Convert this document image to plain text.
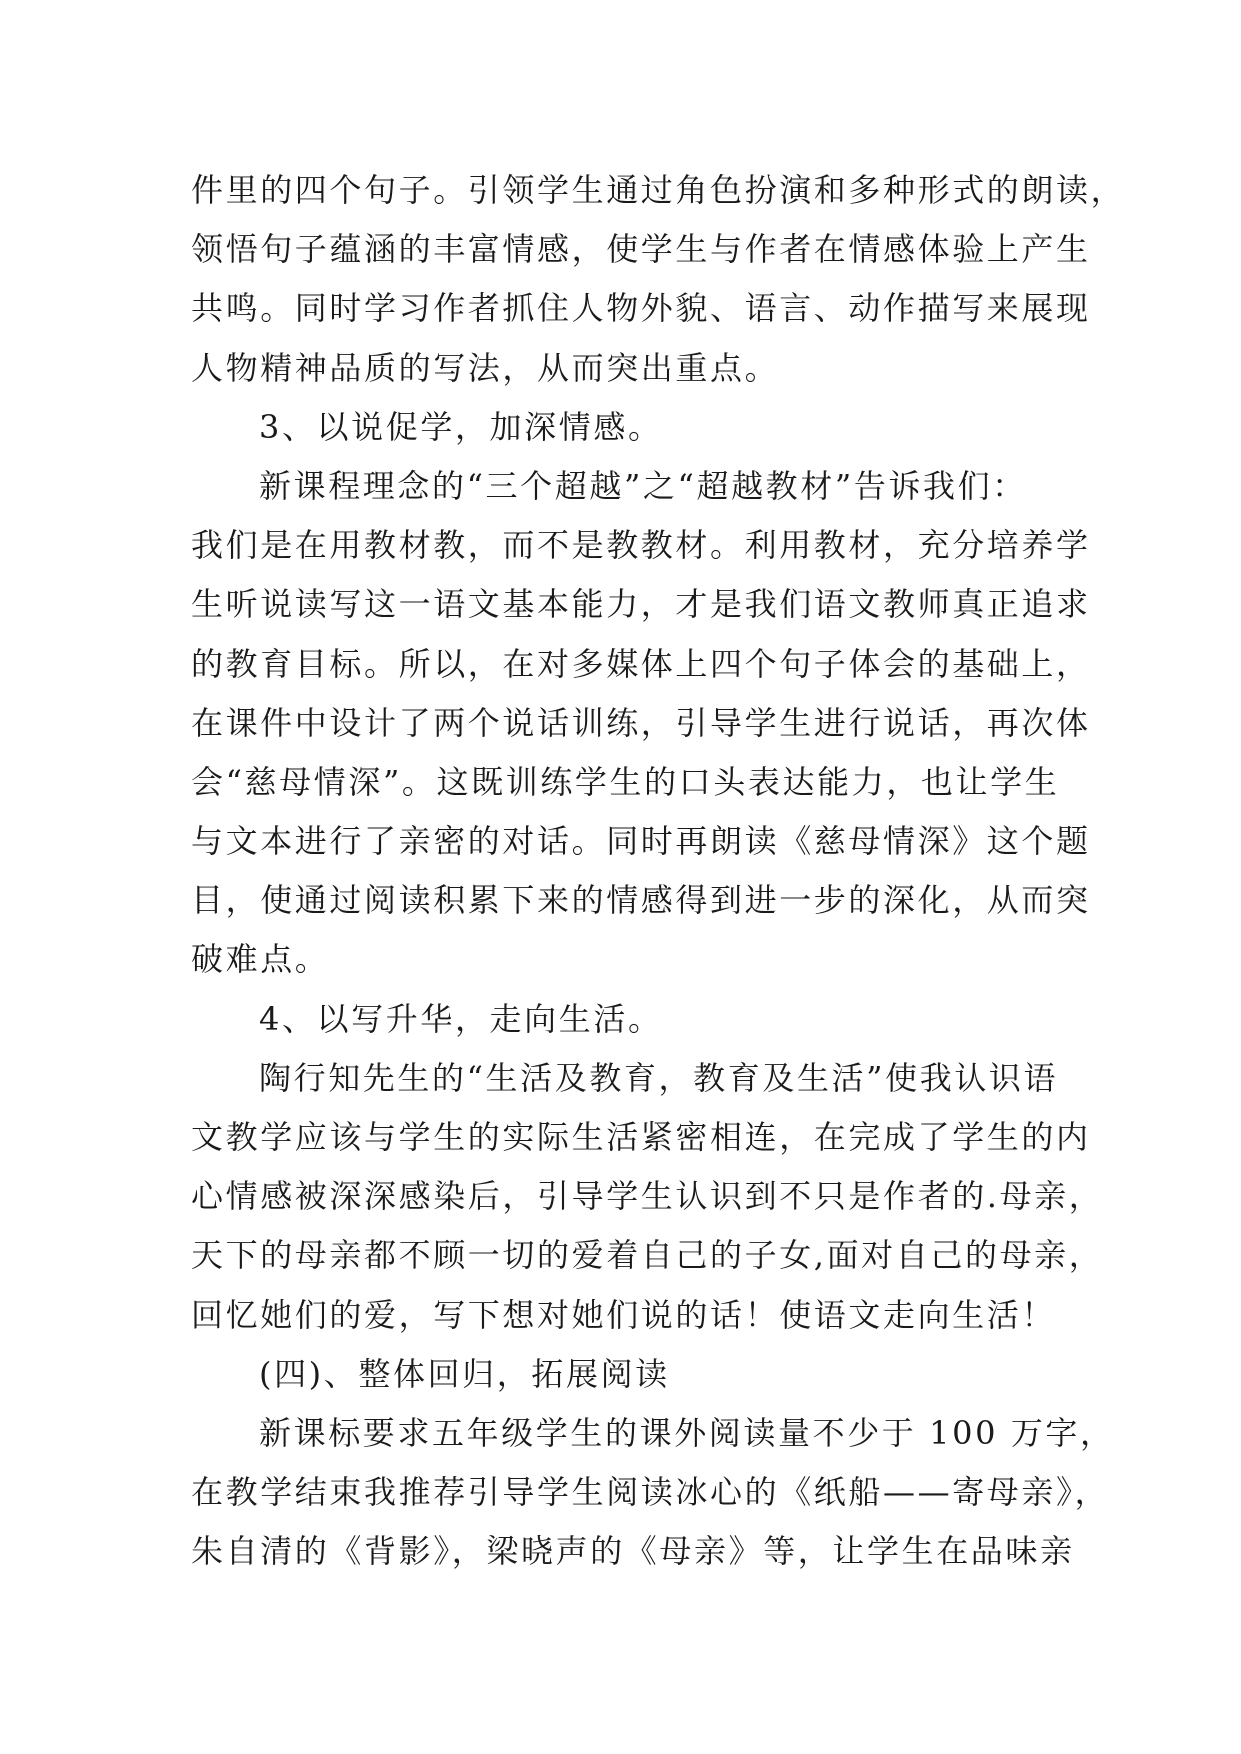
件里的四个句子。引领学生通过角色扮演和多种形式的朗读，
领悟句子蕴涵的丰富情感，使学生与作者在情感体验上产生
共鸣。同时学习作者抓住人物外貌、语言、动作描写来展现
人物精神品质的写法，从而突出重点。
3、以说促学，加深情感。
新课程理念的“三个超越”之“超越教材”告诉我们：
我们是在用教材教，而不是教教材。利用教材，充分培养学
生听说读写这一语文基本能力，才是我们语文教师真正追求
的教育目标。所以，在对多媒体上四个句子体会的基础上，
在课件中设计了两个说话训练，引导学生进行说话，再次体
会“慈母情深”。这既训练学生的口头表达能力，也让学生
与文本进行了亲密的对话。同时再朗读《慈母情深》这个题
目，使通过阅读积累下来的情感得到进一步的深化，从而突
破难点。
4、以写升华，走向生活。
陶行知先生的“生活及教育，教育及生活”使我认识语
文教学应该与学生的实际生活紧密相连，在完成了学生的内
心情感被深深感染后，引导学生认识到不只是作者的.母亲，
天下的母亲都不顾一切的爱着自己的子女,面对自己的母亲，
回忆她们的爱，写下想对她们说的话！使语文走向生活！
(四)、整体回归，拓展阅读
新课标要求五年级学生的课外阅读量不少于 100 万字，
在教学结束我推荐引导学生阅读冰心的《纸船——寄母亲》，
朱自清的《背影》，梁晓声的《母亲》等，让学生在品味亲
